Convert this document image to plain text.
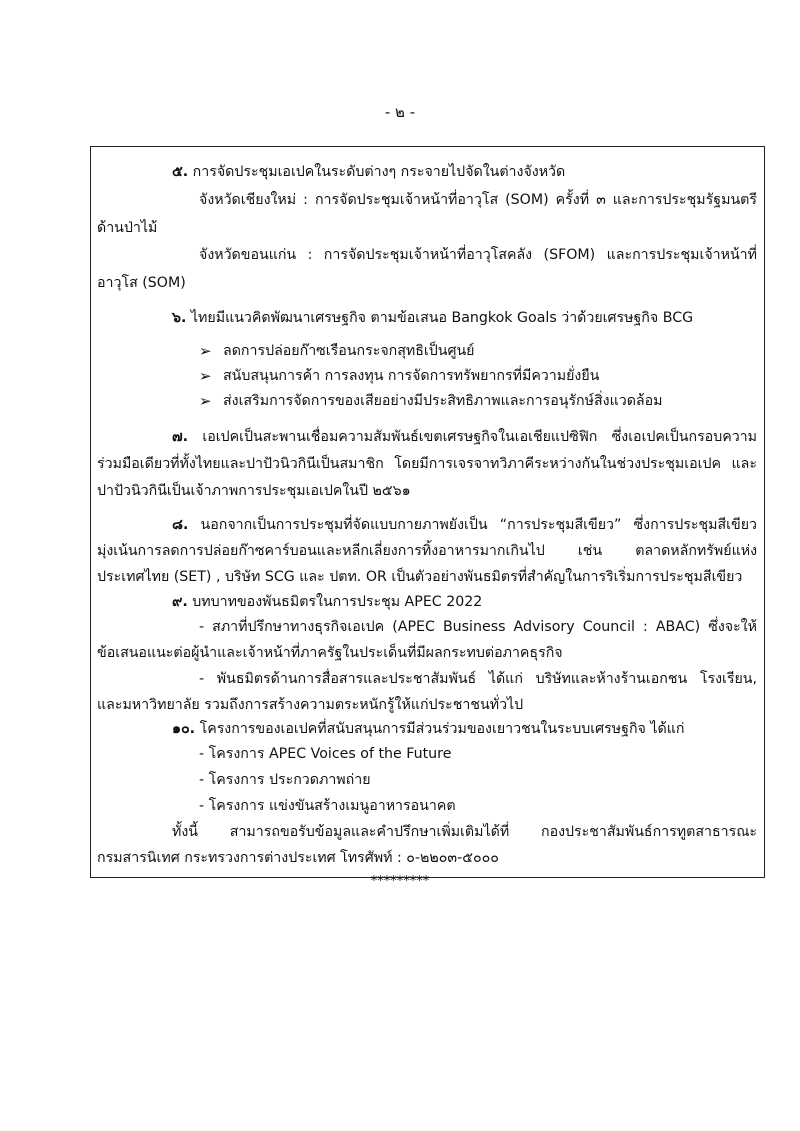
- ๒ -
๕. การจัดประชุมเอเปคในระดับต่างๆ กระจายไปจัดในต่างจังหวัด
จังหวัดเชียงใหม่ : การจัดประชุมเจ้าหน้าที่อาวุโส (SOM) ครั้งที่ ๓ และการประชุมรัฐมนตรี
ด้านป่าไม้
จังหวัดขอนแก่น : การจัดประชุมเจ้าหน้าที่อาวุโสคลัง (SFOM) และการประชุมเจ้าหน้าที่
อาวุโส (SOM)
๖. ไทยมีแนวคิดพัฒนาเศรษฐกิจ ตามข้อเสนอ Bangkok Goals ว่าด้วยเศรษฐกิจ BCG
➢ ลดการปล่อยก๊าซเรือนกระจกสุทธิเป็นศูนย์
➢ สนับสนุนการค้า การลงทุน การจัดการทรัพยากรที่มีความยั่งยืน
➢ ส่งเสริมการจัดการของเสียอย่างมีประสิทธิภาพและการอนุรักษ์สิ่งแวดล้อม
๗. เอเปคเป็นสะพานเชื่อมความสัมพันธ์เขตเศรษฐกิจในเอเชียแปซิฟิก ซึ่งเอเปคเป็นกรอบความ
ร่วมมือเดียวที่ทั้งไทยและปาปัวนิวกินีเป็นสมาชิก โดยมีการเจรจาทวิภาคีระหว่างกันในช่วงประชุมเอเปค และ
ปาปัวนิวกินีเป็นเจ้าภาพการประชุมเอเปคในปี ๒๕๖๑
๘. นอกจากเป็นการประชุมที่จัดแบบกายภาพยังเป็น “การประชุมสีเขียว” ซึ่งการประชุมสีเขียว
มุ่งเน้นการลดการปล่อยก๊าซคาร์บอนและหลีกเลี่ยงการทิ้งอาหารมากเกินไป เช่น ตลาดหลักทรัพย์แห่ง
ประเทศไทย (SET) , บริษัท SCG และ ปตท. OR เป็นตัวอย่างพันธมิตรที่สำคัญในการริเริ่มการประชุมสีเขียว
๙. บทบาทของพันธมิตรในการประชุม APEC 2022
- สภาที่ปรึกษาทางธุรกิจเอเปค (APEC Business Advisory Council : ABAC) ซึ่งจะให้
ข้อเสนอแนะต่อผู้นำและเจ้าหน้าที่ภาครัฐในประเด็นที่มีผลกระทบต่อภาคธุรกิจ
- พันธมิตรด้านการสื่อสารและประชาสัมพันธ์ ได้แก่ บริษัทและห้างร้านเอกชน โรงเรียน,
และมหาวิทยาลัย รวมถึงการสร้างความตระหนักรู้ให้แก่ประชาชนทั่วไป
๑๐. โครงการของเอเปคที่สนับสนุนการมีส่วนร่วมของเยาวชนในระบบเศรษฐกิจ ได้แก่
- โครงการ APEC Voices of the Future
- โครงการ ประกวดภาพถ่าย
- โครงการ แข่งขันสร้างเมนูอาหารอนาคต
ทั้งนี้ สามารถขอรับข้อมูลและคำปรึกษาเพิ่มเติมได้ที่ กองประชาสัมพันธ์การทูตสาธารณะ
กรมสารนิเทศ กระทรวงการต่างประเทศ โทรศัพท์ : ๐-๒๒๐๓-๕๐๐๐
*********
